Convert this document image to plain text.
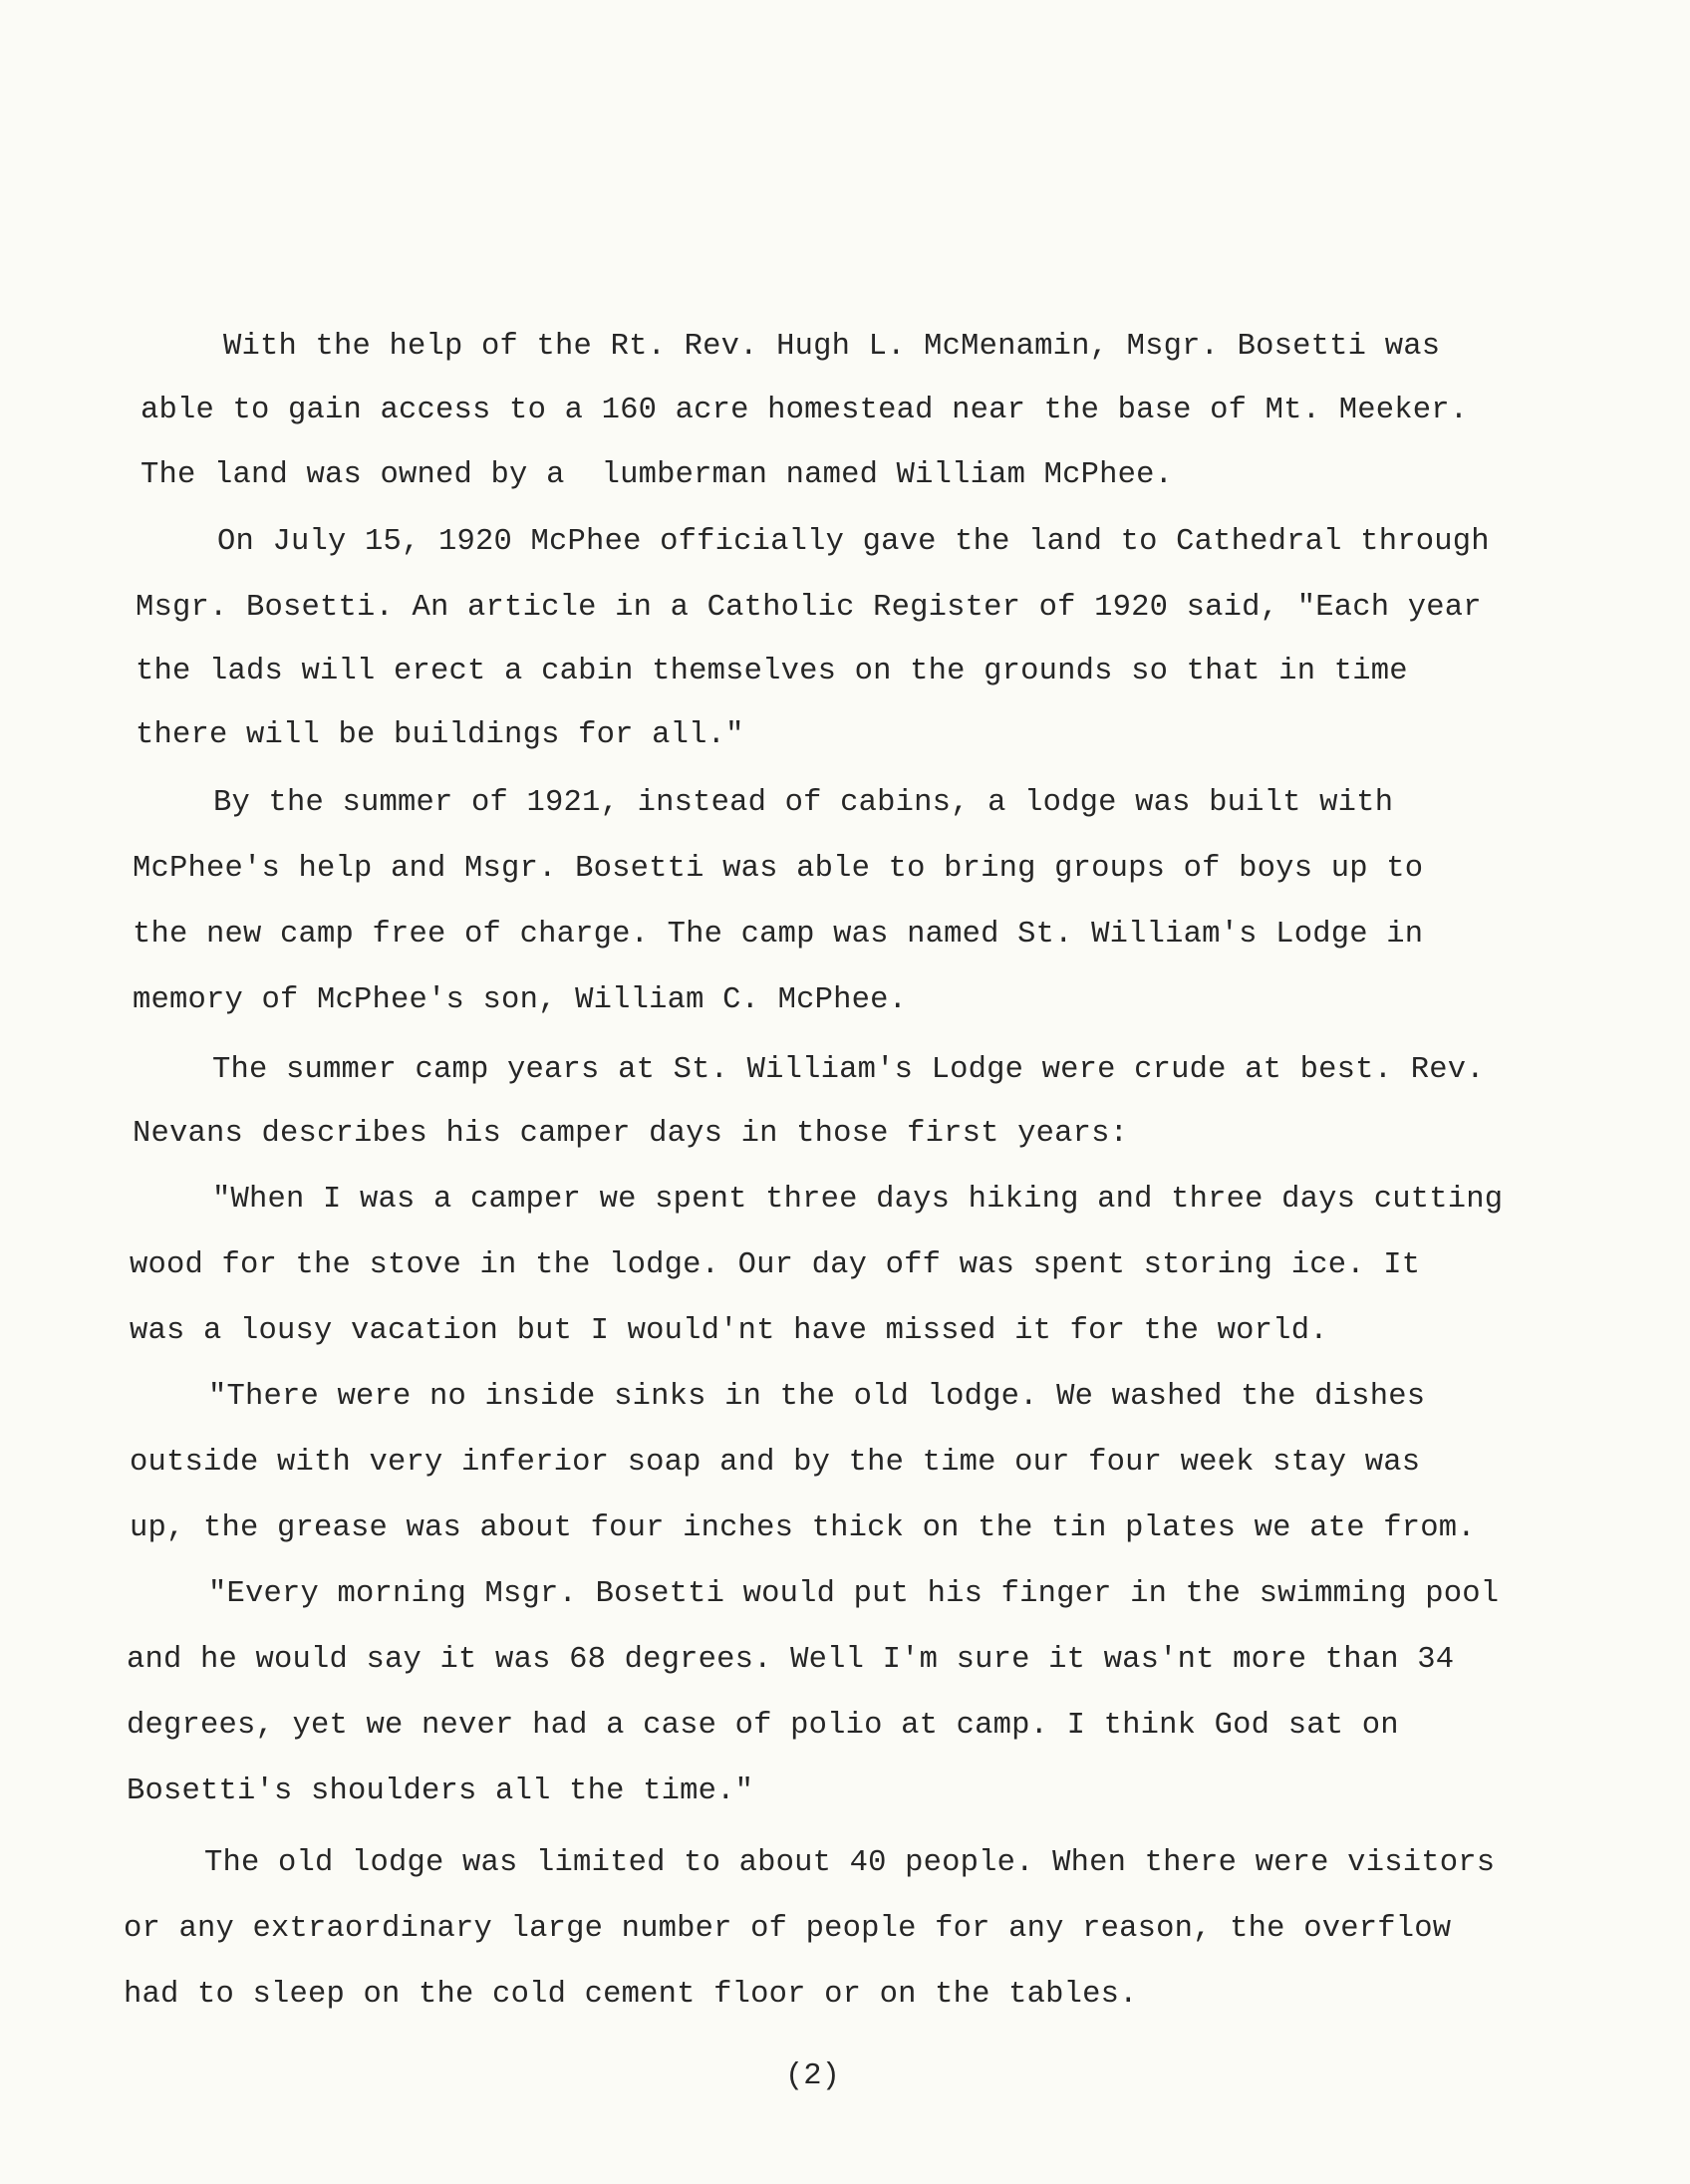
With the help of the Rt. Rev. Hugh L. McMenamin, Msgr. Bosetti was
able to gain access to a 160 acre homestead near the base of Mt. Meeker.
The land was owned by a  lumberman named William McPhee.
On July 15, 1920 McPhee officially gave the land to Cathedral through
Msgr. Bosetti. An article in a Catholic Register of 1920 said, "Each year
the lads will erect a cabin themselves on the grounds so that in time
there will be buildings for all."
By the summer of 1921, instead of cabins, a lodge was built with
McPhee's help and Msgr. Bosetti was able to bring groups of boys up to
the new camp free of charge. The camp was named St. William's Lodge in
memory of McPhee's son, William C. McPhee.
The summer camp years at St. William's Lodge were crude at best. Rev.
Nevans describes his camper days in those first years:
"When I was a camper we spent three days hiking and three days cutting
wood for the stove in the lodge. Our day off was spent storing ice. It
was a lousy vacation but I would'nt have missed it for the world.
"There were no inside sinks in the old lodge. We washed the dishes
outside with very inferior soap and by the time our four week stay was
up, the grease was about four inches thick on the tin plates we ate from.
"Every morning Msgr. Bosetti would put his finger in the swimming pool
and he would say it was 68 degrees. Well I'm sure it was'nt more than 34
degrees, yet we never had a case of polio at camp. I think God sat on
Bosetti's shoulders all the time."
The old lodge was limited to about 40 people. When there were visitors
or any extraordinary large number of people for any reason, the overflow
had to sleep on the cold cement floor or on the tables.
(2)
